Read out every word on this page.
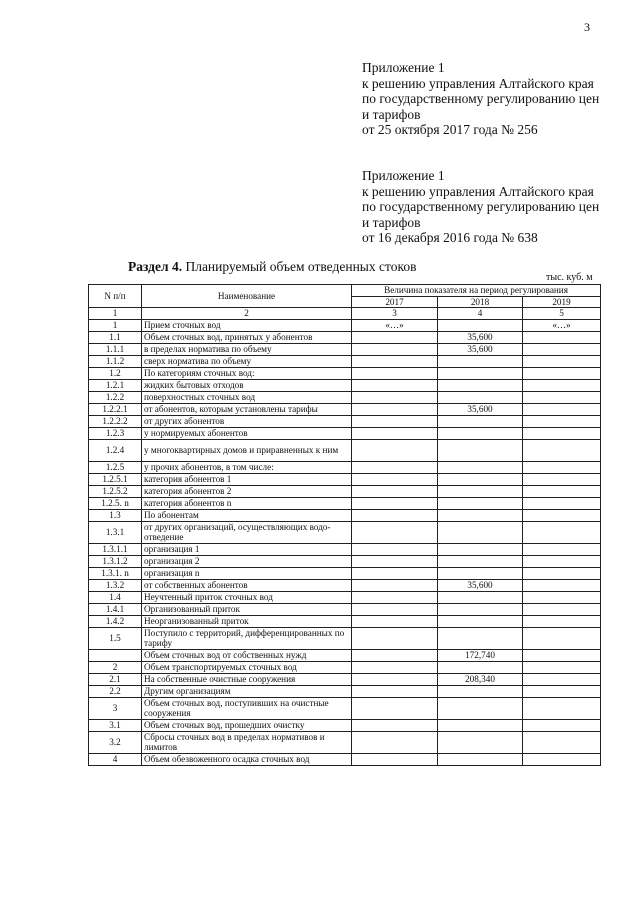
3
Приложение 1
к решению управления Алтайского края
по государственному регулированию цен
и тарифов
от 25 октября 2017 года № 256
Приложение 1
к решению управления Алтайского края
по государственному регулированию цен
и тарифов
от 16 декабря 2016 года № 638
Раздел 4. Планируемый объем отведенных стоков
тыс. куб. м
N п/п	Наименование	Величина показателя на период регулирования		
		2017	2018	2019
1	2	3	4	5
1	Прием сточных вод	«…»		«…»
1.1	Объем сточных вод, принятых у абонентов		35,600	
1.1.1	в пределах норматива по объему		35,600	
1.1.2	сверх норматива по объему			
1.2	По категориям сточных вод:			
1.2.1	жидких бытовых отходов			
1.2.2	поверхностных сточных вод			
1.2.2.1	от абонентов, которым установлены тарифы		35,600	
1.2.2.2	от других абонентов			
1.2.3	у нормируемых абонентов			
1.2.4	у многоквартирных домов и приравненных к ним			
1.2.5	у прочих абонентов, в том числе:			
1.2.5.1	категория абонентов 1			
1.2.5.2	категория абонентов 2			
1.2.5. n	категория абонентов n			
1.3	По абонентам			
1.3.1	от других организаций, осуществляющих водо-отведение			
1.3.1.1	организация 1			
1.3.1.2	организация 2			
1.3.1. n	организация n			
1.3.2	от собственных абонентов		35,600	
1.4	Неучтенный приток сточных вод			
1.4.1	Организованный приток			
1.4.2	Неорганизованный приток			
1.5	Поступило с территорий, дифференцированных по тарифу			
	Объем сточных вод от собственных нужд		172,740	
2	Объем транспортируемых сточных вод			
2.1	На собственные очистные сооружения		208,340	
2.2	Другим организациям			
3	Объем сточных вод, поступивших на очистные сооружения			
3.1	Объем сточных вод, прошедших очистку			
3.2	Сбросы сточных вод в пределах нормативов и лимитов			
4	Объем обезвоженного осадка сточных вод			
